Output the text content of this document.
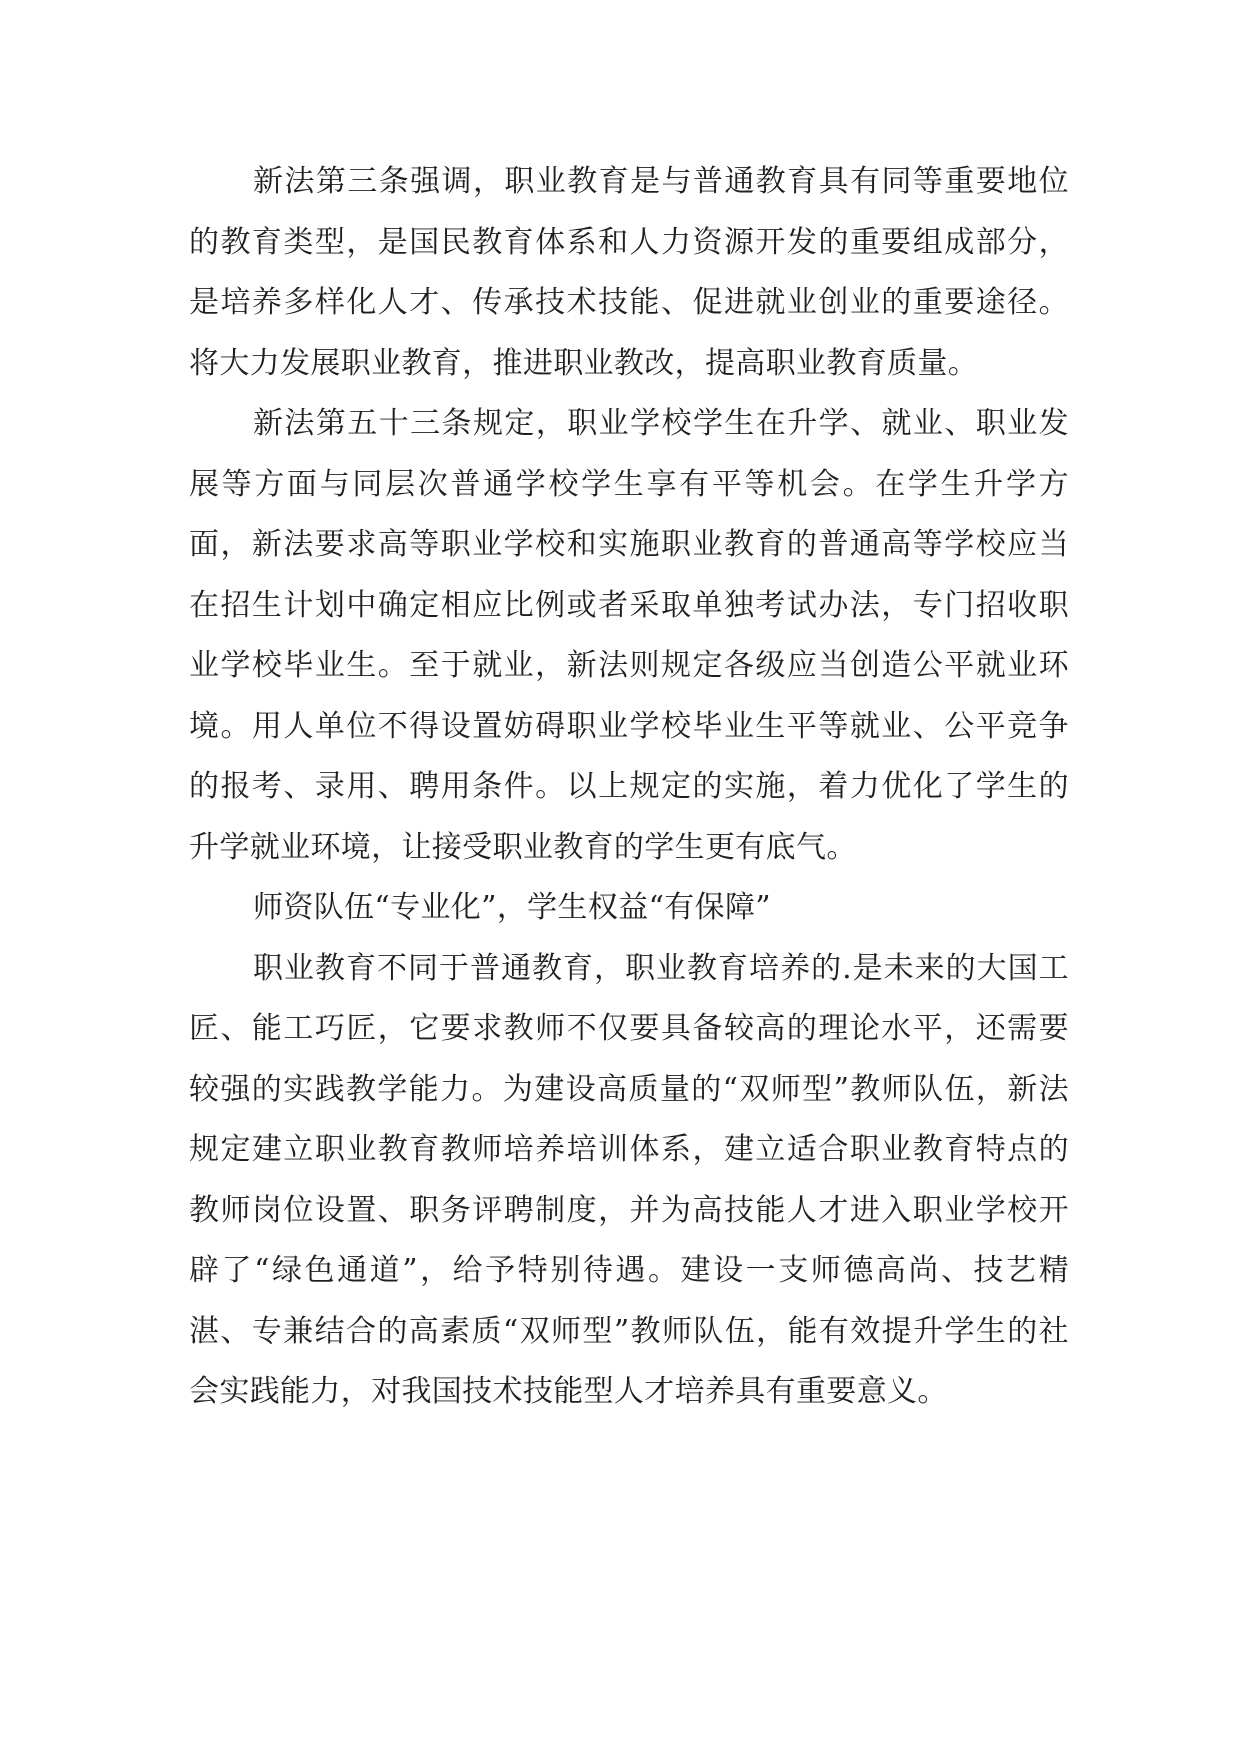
新法第三条强调，职业教育是与普通教育具有同等重要地位的教育类型，是国民教育体系和人力资源开发的重要组成部分，是培养多样化人才、传承技术技能、促进就业创业的重要途径。将大力发展职业教育，推进职业教改，提高职业教育质量。

新法第五十三条规定，职业学校学生在升学、就业、职业发展等方面与同层次普通学校学生享有平等机会。在学生升学方面，新法要求高等职业学校和实施职业教育的普通高等学校应当在招生计划中确定相应比例或者采取单独考试办法，专门招收职业学校毕业生。至于就业，新法则规定各级应当创造公平就业环境。用人单位不得设置妨碍职业学校毕业生平等就业、公平竞争的报考、录用、聘用条件。以上规定的实施，着力优化了学生的升学就业环境，让接受职业教育的学生更有底气。

师资队伍“专业化”，学生权益“有保障”

职业教育不同于普通教育，职业教育培养的.是未来的大国工匠、能工巧匠，它要求教师不仅要具备较高的理论水平，还需要较强的实践教学能力。为建设高质量的“双师型”教师队伍，新法规定建立职业教育教师培养培训体系，建立适合职业教育特点的教师岗位设置、职务评聘制度，并为高技能人才进入职业学校开辟了“绿色通道”，给予特别待遇。建设一支师德高尚、技艺精湛、专兼结合的高素质“双师型”教师队伍，能有效提升学生的社会实践能力，对我国技术技能型人才培养具有重要意义。
